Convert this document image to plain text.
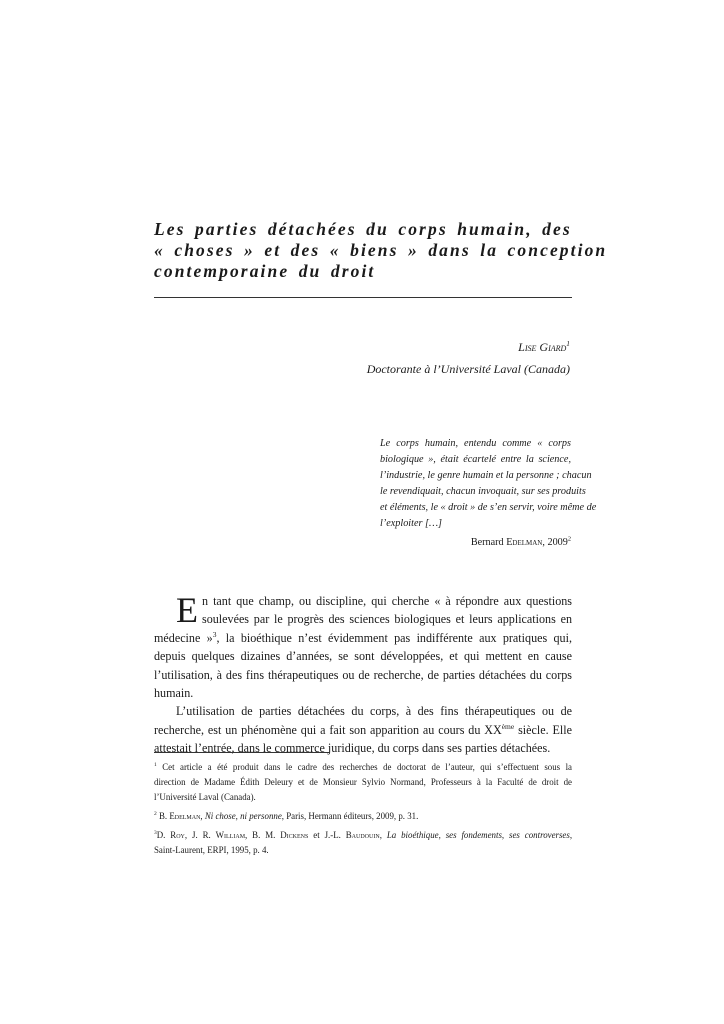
Les parties détachées du corps humain, des
« choses » et des « biens » dans la conception
contemporaine du droit
Lise Giard$^1$
Doctorante à l’Université Laval (Canada)
Le corps humain, entendu comme « corps
biologique », était écartelé entre la science,
l’industrie, le genre humain et la personne ; chacun
le revendiquait, chacun invoquait, sur ses produits
et éléments, le « droit » de s’en servir, voire même de
l’exploiter […]
Bernard Edelman, 2009$^2$
E n tant que champ, ou discipline, qui cherche « à répondre aux questions
soulevées par le progrès des sciences biologiques et leurs applications en
médecine »$^3$, la bioéthique n’est évidemment pas indifférente aux pratiques qui,
depuis quelques dizaines d’années, se sont développées, et qui mettent en cause
l’utilisation, à des fins thérapeutiques ou de recherche, de parties détachées du corps
humain.
L’utilisation de parties détachées du corps, à des fins thérapeutiques ou de
recherche, est un phénomène qui a fait son apparition au cours du XXème siècle. Elle
attestait l’entrée, dans le commerce juridique, du corps dans ses parties détachées.
$^1$ Cet article a été produit dans le cadre des recherches de doctorat de l’auteur, qui s’effectuent sous la
direction de Madame Édith Deleury et de Monsieur Sylvio Normand, Professeurs à la Faculté de droit de
l’Université Laval (Canada).
$^2$ B. Edelman, Ni chose, ni personne, Paris, Hermann éditeurs, 2009, p. 31.
$^3$D. Roy, J. R. William, B. M. Dickens et J.-L. Baudouin, La bioéthique, ses fondements, ses controverses,
Saint-Laurent, ERPI, 1995, p. 4.
